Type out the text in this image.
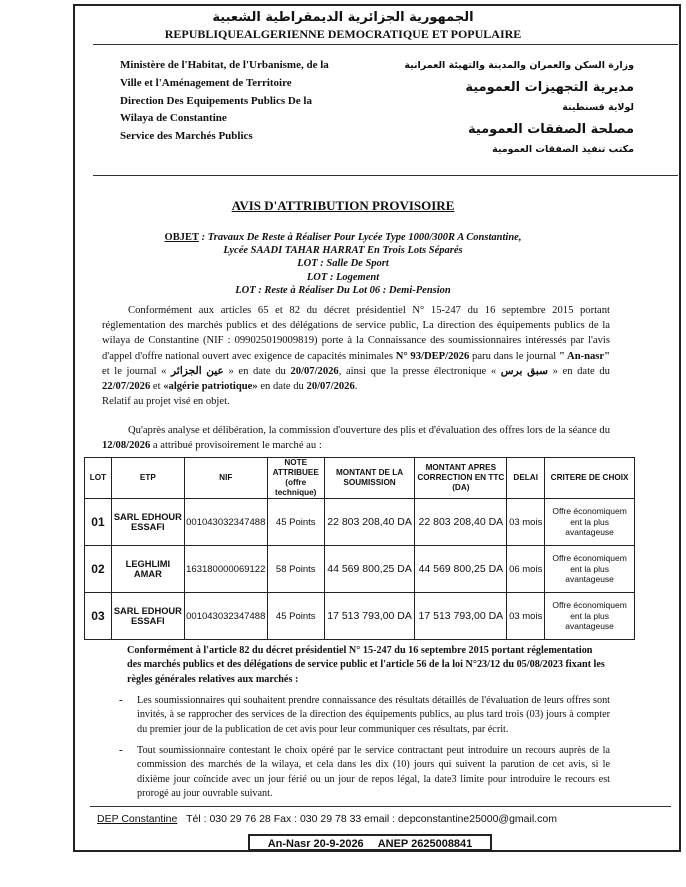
الجمهورية الجزائرية الديمقراطية الشعبية
REPUBLIQUEALGERIENNE DEMOCRATIQUE ET POPULAIRE
Ministère de l'Habitat, de l'Urbanisme, de la
Ville et l'Aménagement de Territoire
Direction Des Equipements Publics De la
Wilaya de Constantine
Service des Marchés Publics
وزارة السكن والعمران والمدينة والتهيئة العمرانية
مديرية التجهيزات العمومية
لولاية قسنطينة
مصلحة الصفقات العمومية
مكتب تنفيذ الصفقات العمومية
AVIS D'ATTRIBUTION PROVISOIRE
OBJET : Travaux De Reste à Réaliser Pour Lycée Type 1000/300R A Constantine,
Lycée SAADI TAHAR HARRAT En Trois Lots Séparés
LOT : Salle De Sport
LOT : Logement
LOT : Reste à Réaliser Du Lot 06 : Demi-Pension
Conformément aux articles 65 et 82 du décret présidentiel N° 15-247 du 16 septembre 2015 portant réglementation des marchés publics et des délégations de service public, La direction des équipements publics de la wilaya de Constantine (NIF : 099025019009819) porte à la Connaissance des soumissionnaires intéressés par l'avis d'appel d'offre national ouvert avec exigence de capacités minimales N° 93/DEP/2026 paru dans le journal " An-nasr" et le journal « عين الجزائر » en date du 20/07/2026, ainsi que la presse électronique « سبق برس » en date du 22/07/2026 et «algérie patriotique» en date du 20/07/2026.
Relatif au projet visé en objet.
Qu'après analyse et délibération, la commission d'ouverture des plis et d'évaluation des offres lors de la séance du 12/08/2026 a attribué provisoirement le marché au :
LOT	ETP	NIF	NOTE ATTRIBUEE (offre technique)	MONTANT DE LA SOUMISSION	MONTANT APRES CORRECTION EN TTC (DA)	DELAI	CRITERE DE CHOIX
01	SARL EDHOUR ESSAFI	001043032347488	45 Points	22 803 208,40 DA	22 803 208,40 DA	03 mois	Offre économiquem ent la plus avantageuse
02	LEGHLIMI AMAR	163180000069122	58 Points	44 569 800,25 DA	44 569 800,25 DA	06 mois	Offre économiquem ent la plus avantageuse
03	SARL EDHOUR ESSAFI	001043032347488	45 Points	17 513 793,00 DA	17 513 793,00 DA	03 mois	Offre économiquem ent la plus avantageuse
Conformément à l'article 82 du décret présidentiel N° 15-247 du 16 septembre 2015 portant réglementation des marchés publics et des délégations de service public et l'article 56 de la loi N°23/12 du 05/08/2023 fixant les règles générales relatives aux marchés :
- Les soumissionnaires qui souhaitent prendre connaissance des résultats détaillés de l'évaluation de leurs offres sont invités, à se rapprocher des services de la direction des équipements publics, au plus tard trois (03) jours à compter du premier jour de la publication de cet avis pour leur communiquer ces résultats, par écrit.
- Tout soumissionnaire contestant le choix opéré par le service contractant peut introduire un recours auprès de la commission des marchés de la wilaya, et cela dans les dix (10) jours qui suivent la parution de cet avis, si le dixième jour coïncide avec un jour férié ou un jour de repos légal, la date3 limite pour introduire le recours est prorogé au jour ouvrable suivant.
DEP Constantine Tél : 030 29 76 28 Fax : 030 29 78 33 email : depconstantine25000@gmail.com
An-Nasr 20-9-2026 ANEP 2625008841
